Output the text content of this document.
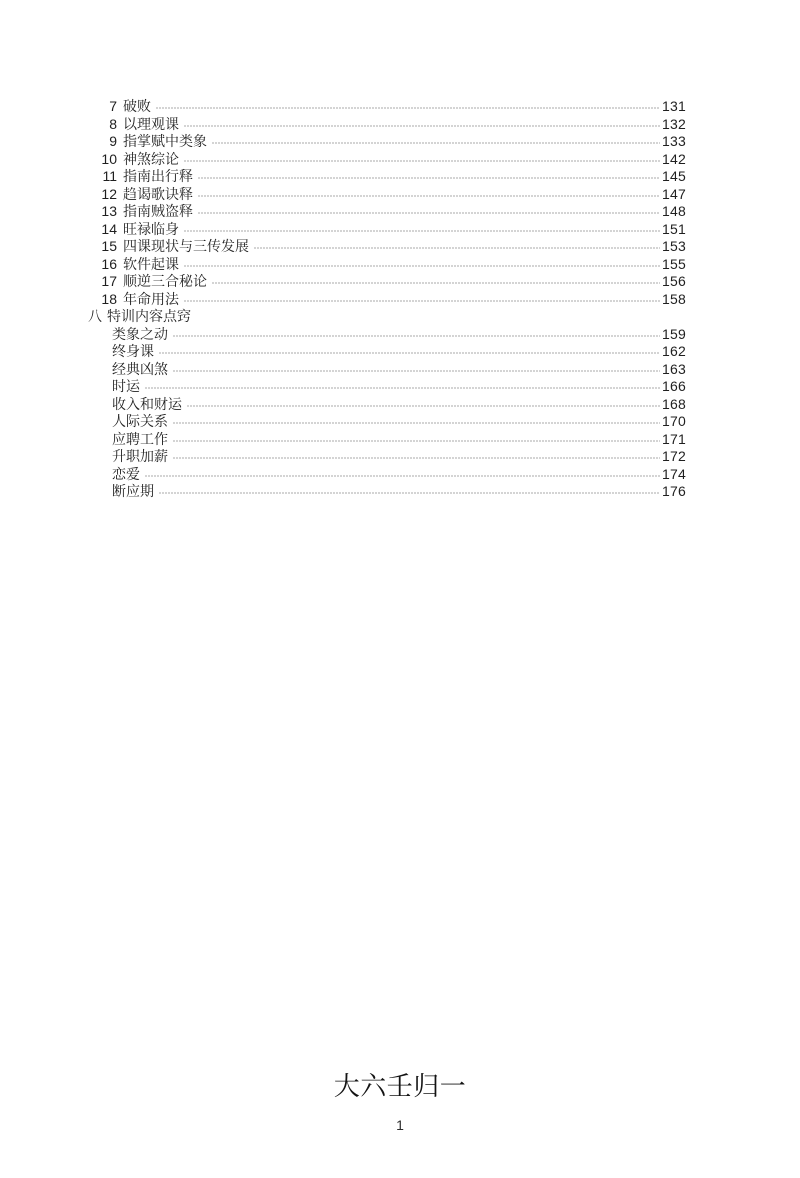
7 破败	131
8 以理观课	132
9 指掌赋中类象	133
10 神煞综论	142
11 指南出行释	145
12 趋谒歌诀释	147
13 指南贼盗释	148
14 旺禄临身	151
15 四课现状与三传发展	153
16 软件起课	155
17 顺逆三合秘论	156
18 年命用法	158
八 特训内容点窍
类象之动	159
终身课	162
经典凶煞	163
时运	166
收入和财运	168
人际关系	170
应聘工作	171
升职加薪	172
恋爱	174
断应期	176
大六壬归一
1
